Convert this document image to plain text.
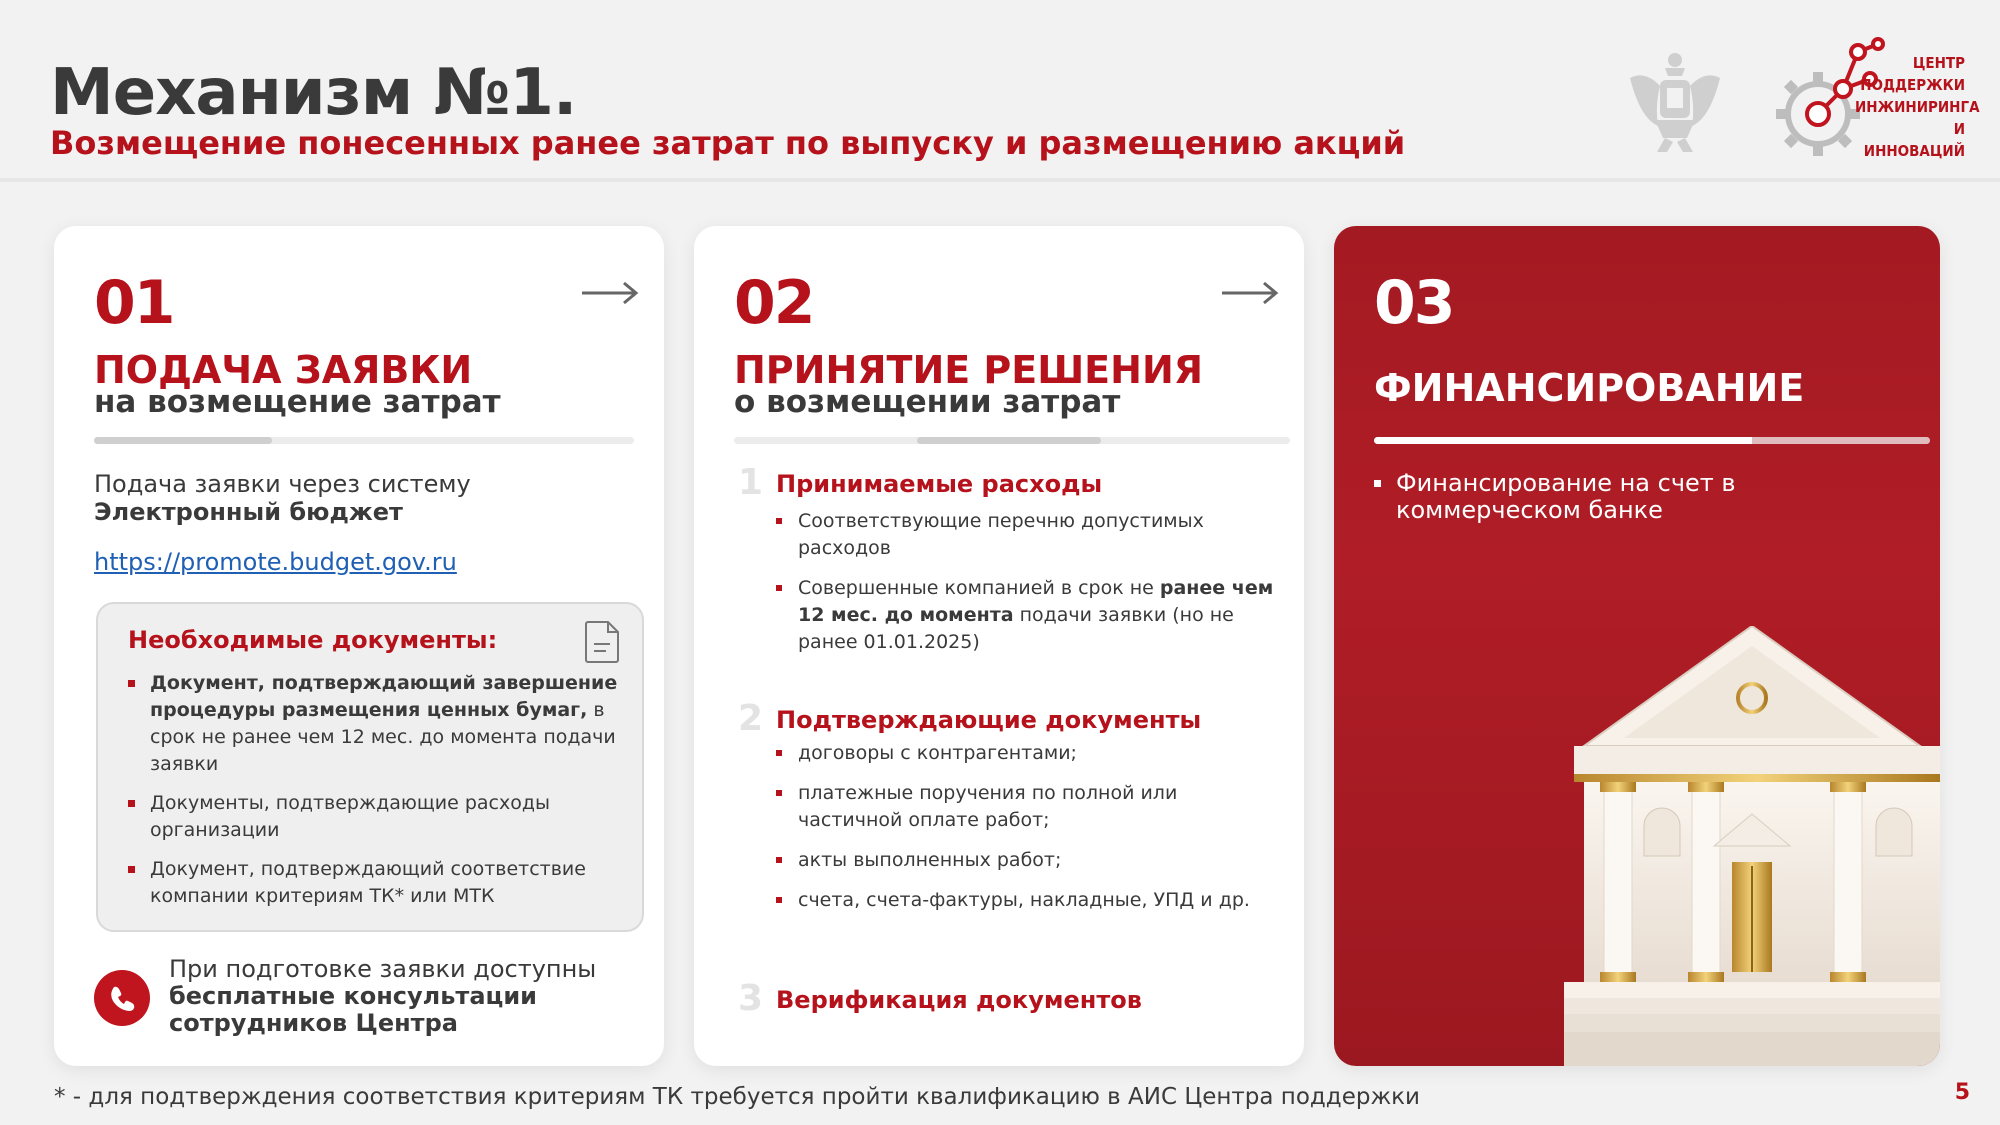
Механизм №1.
Возмещение понесенных ранее затрат по выпуску и размещению акций
ЦЕНТР
ПОДДЕРЖКИ
ИНЖИНИРИНГА
И ИННОВАЦИЙ
01
ПОДАЧА ЗАЯВКИ
на возмещение затрат
Подача заявки через систему
Электронный бюджет
https://promote.budget.gov.ru
Необходимые документы:
Документ, подтверждающий завершение процедуры размещения ценных бумаг, в срок не ранее чем 12 мес. до момента подачи заявки
Документы, подтверждающие расходы организации
Документ, подтверждающий соответствие компании критериям ТК* или МТК
При подготовке заявки доступны
бесплатные консультации
сотрудников Центра
02
ПРИНЯТИЕ РЕШЕНИЯ
о возмещении затрат
1 Принимаемые расходы
Соответствующие перечню допустимых расходов
Совершенные компанией в срок не ранее чем 12 мес. до момента подачи заявки (но не ранее 01.01.2025)
2 Подтверждающие документы
договоры с контрагентами;
платежные поручения по полной или частичной оплате работ;
акты выполненных работ;
счета, счета-фактуры, накладные, УПД и др.
3 Верификация документов
03
ФИНАНСИРОВАНИЕ
Финансирование на счет в коммерческом банке
* - для подтверждения соответствия критериям ТК требуется пройти квалификацию в АИС Центра поддержки	5
